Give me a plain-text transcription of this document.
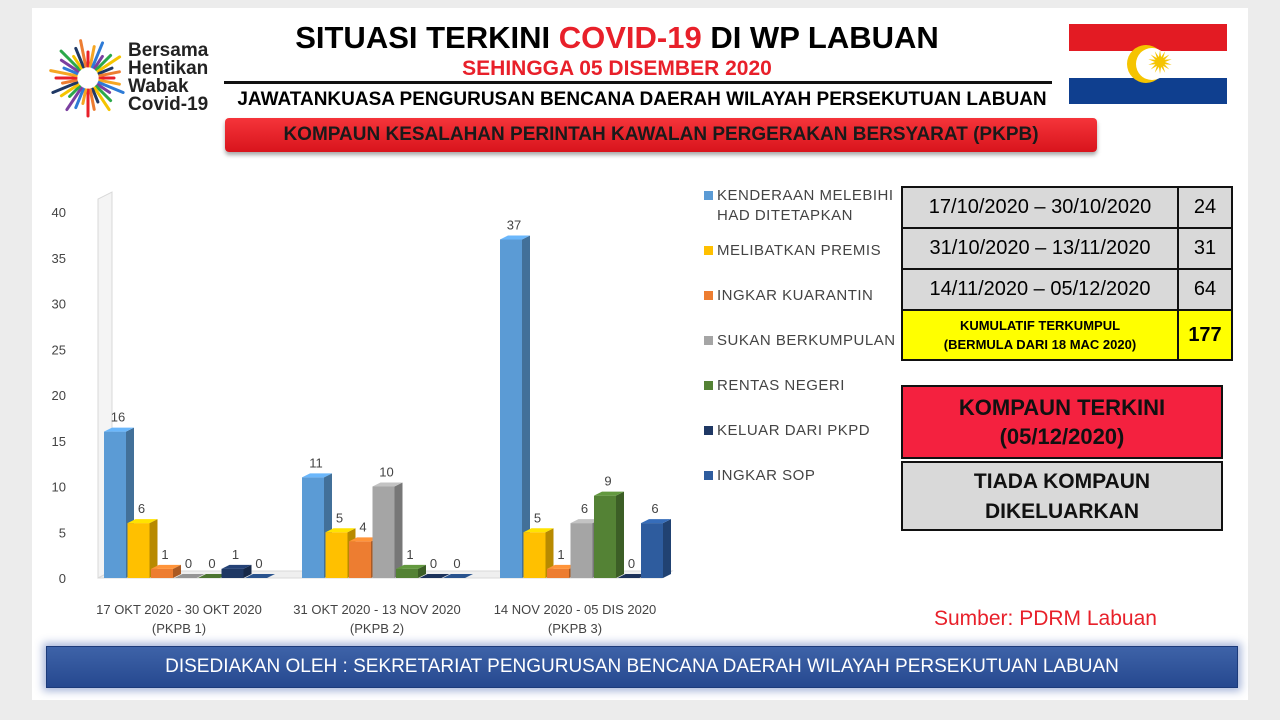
Bersama
Hentikan
Wabak
Covid-19
SITUASI TERKINI COVID-19 DI WP LABUAN
SEHINGGA 05 DISEMBER 2020
JAWATANKUASA PENGURUSAN BENCANA DAERAH WILAYAH PERSEKUTUAN LABUAN
KOMPAUN KESALAHAN PERINTAH KAWALAN PERGERAKAN BERSYARAT (PKPB)
0
5
10
15
20
25
30
35
40
16
6
1
0 0
1
0
17 OKT 2020 - 30 OKT 2020
(PKPB 1)
11
5
4
10
1
0 0
31 OKT 2020 - 13 NOV 2020
(PKPB 2)
37
5
1
6
9
0
6
14 NOV 2020 - 05 DIS 2020
(PKPB 3)
KENDERAAN MELEBIHI HAD DITETAPKAN
MELIBATKAN PREMIS
INGKAR KUARANTIN
SUKAN BERKUMPULAN
RENTAS NEGERI
KELUAR DARI PKPD
INGKAR SOP
17/10/2020 – 30/10/2020	24
31/10/2020 – 13/11/2020	31
14/11/2020 – 05/12/2020	64
KUMULATIF TERKUMPUL
(BERMULA DARI 18 MAC 2020)	177
KOMPAUN TERKINI
(05/12/2020)
TIADA KOMPAUN
DIKELUARKAN
Sumber: PDRM Labuan
DISEDIAKAN OLEH : SEKRETARIAT PENGURUSAN BENCANA DAERAH WILAYAH PERSEKUTUAN LABUAN
